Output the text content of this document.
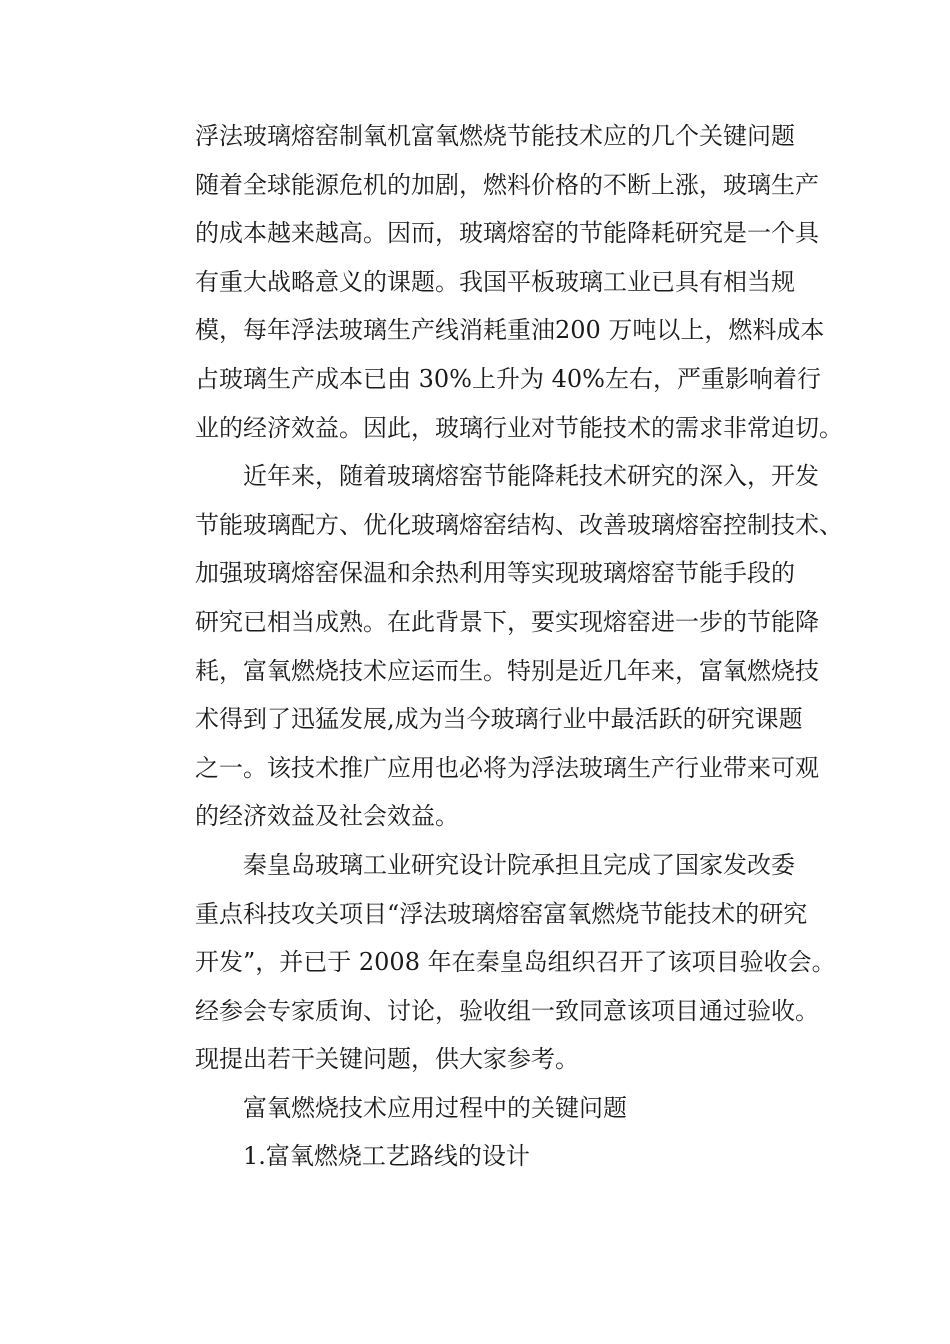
浮法玻璃熔窑制氧机富氧燃烧节能技术应的几个关键问题
随着全球能源危机的加剧，燃料价格的不断上涨，玻璃生产
的成本越来越高。因而，玻璃熔窑的节能降耗研究是一个具
有重大战略意义的课题。我国平板玻璃工业已具有相当规
模，每年浮法玻璃生产线消耗重油200 万吨以上，燃料成本
占玻璃生产成本已由 30%上升为 40%左右，严重影响着行
业的经济效益。因此，玻璃行业对节能技术的需求非常迫切。
近年来，随着玻璃熔窑节能降耗技术研究的深入，开发
节能玻璃配方、优化玻璃熔窑结构、改善玻璃熔窑控制技术、
加强玻璃熔窑保温和余热利用等实现玻璃熔窑节能手段的
研究已相当成熟。在此背景下，要实现熔窑进一步的节能降
耗，富氧燃烧技术应运而生。特别是近几年来，富氧燃烧技
术得到了迅猛发展,成为当今玻璃行业中最活跃的研究课题
之一。该技术推广应用也必将为浮法玻璃生产行业带来可观
的经济效益及社会效益。
秦皇岛玻璃工业研究设计院承担且完成了国家发改委
重点科技攻关项目“浮法玻璃熔窑富氧燃烧节能技术的研究
开发”，并已于 2008 年在秦皇岛组织召开了该项目验收会。
经参会专家质询、讨论，验收组一致同意该项目通过验收。
现提出若干关键问题，供大家参考。
富氧燃烧技术应用过程中的关键问题
1.富氧燃烧工艺路线的设计
